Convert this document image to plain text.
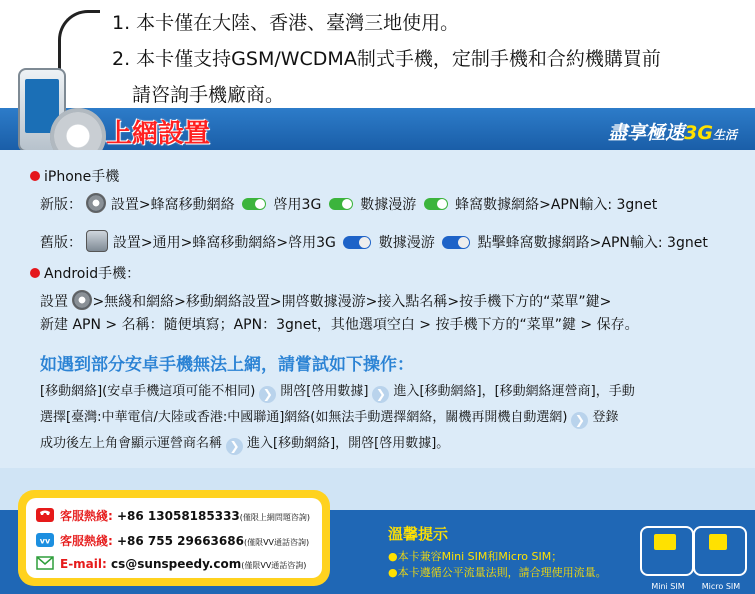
1. 本卡僅在大陸、香港、臺灣三地使用。
2. 本卡僅支持GSM/WCDMA制式手機，定制手機和合約機購買前
請咨詢手機廠商。
上網設置	盡享極速3G生活
iPhone手機
新版： 設置>蜂窩移動網絡	啓用3G	數據漫游	蜂窩數據網絡>APN輸入: 3gnet
舊版： 設置>通用>蜂窩移動網絡>啓用3G	數據漫游	點擊蜂窩數據網路>APN輸入: 3gnet
Android手機：
設置 >無綫和網絡>移動網絡設置>開啓數據漫游>接入點名稱>按手機下方的“菜單”鍵>
新建 APN > 名稱：隨便填寫；APN：3gnet，其他選項空白 > 按手機下方的“菜單”鍵 > 保存。
如遇到部分安卓手機無法上網，請嘗試如下操作：
[移動網絡](安卓手機這項可能不相同) ❯ 開啓[啓用數據] ❯ 進入[移動網絡]，[移動網絡運營商]，手動
選擇[臺灣:中華電信/大陸或香港:中國聯通]網絡(如無法手動選擇網絡，關機再開機自動選網) ❯ 登錄
成功後左上角會顯示運營商名稱 ❯ 進入[移動網絡]，開啓[啓用數據]。
客服熱綫: +86 13058185333(僅限上網問題咨詢)
vv 客服熱綫: +86 755 29663686(僅限VV通話咨詢)
E-mail: cs@sunspeedy.com(僅限VV通話咨詢)
溫馨提示
●本卡兼容Mini SIM和Micro SIM；
●本卡遵循公平流量法則，請合理使用流量。
Mini SIM	Micro SIM
